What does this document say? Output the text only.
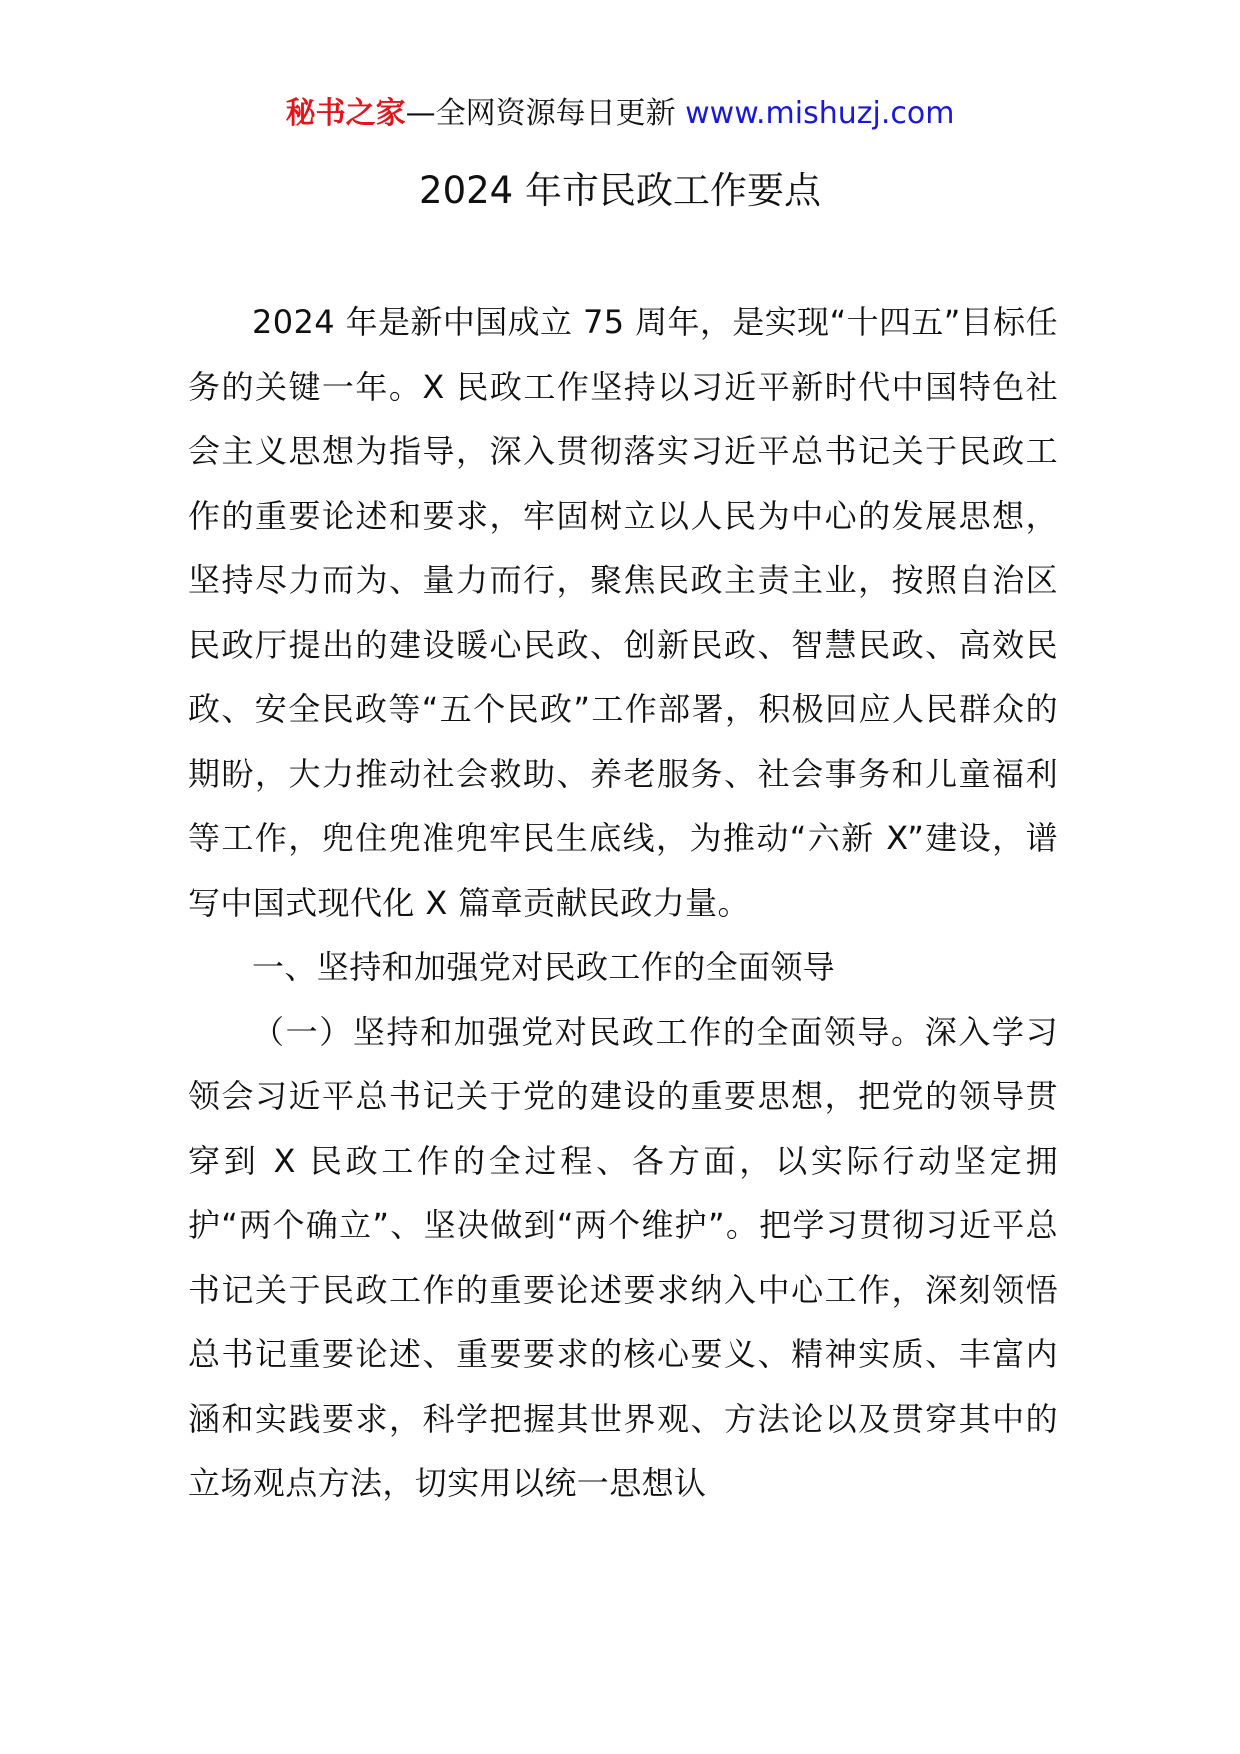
秘书之家—全网资源每日更新 www.mishuzj.com
2024 年市民政工作要点

2024 年是新中国成立 75 周年，是实现“十四五”目标任务的关键一年。X 民政工作坚持以习近平新时代中国特色社会主义思想为指导，深入贯彻落实习近平总书记关于民政工作的重要论述和要求，牢固树立以人民为中心的发展思想，坚持尽力而为、量力而行，聚焦民政主责主业，按照自治区民政厅提出的建设暖心民政、创新民政、智慧民政、高效民政、安全民政等“五个民政”工作部署，积极回应人民群众的期盼，大力推动社会救助、养老服务、社会事务和儿童福利等工作，兜住兜准兜牢民生底线，为推动“六新 X”建设，谱写中国式现代化 X 篇章贡献民政力量。

一、坚持和加强党对民政工作的全面领导

（一）坚持和加强党对民政工作的全面领导。深入学习领会习近平总书记关于党的建设的重要思想，把党的领导贯穿到 X 民政工作的全过程、各方面，以实际行动坚定拥护“两个确立”、坚决做到“两个维护”。把学习贯彻习近平总书记关于民政工作的重要论述要求纳入中心工作，深刻领悟总书记重要论述、重要要求的核心要义、精神实质、丰富内涵和实践要求，科学把握其世界观、方法论以及贯穿其中的立场观点方法，切实用以统一思想认
